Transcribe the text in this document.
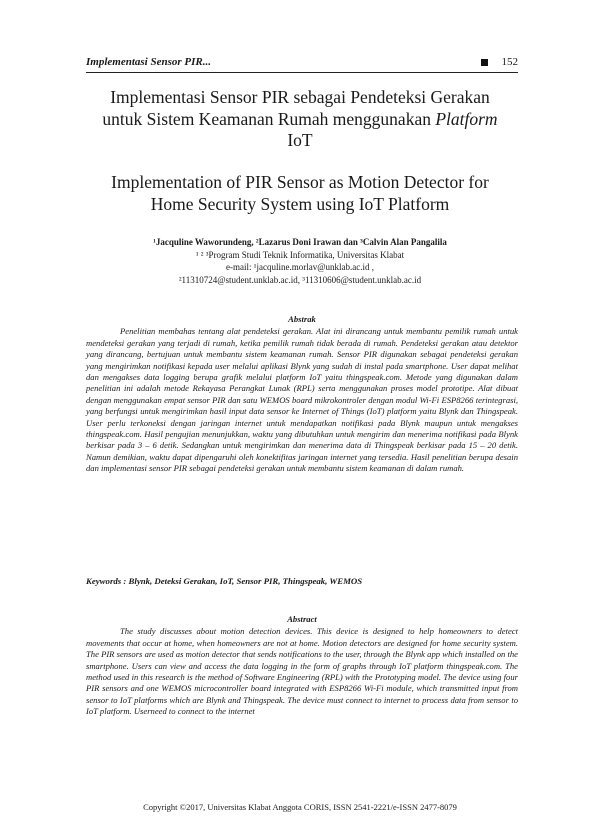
Implementasi Sensor PIR...	152
Implementasi Sensor PIR sebagai Pendeteksi Gerakan
untuk Sistem Keamanan Rumah menggunakan Platform
IoT
Implementation of PIR Sensor as Motion Detector for
Home Security System using IoT Platform
¹Jacquline Waworundeng, ²Lazarus Doni Irawan dan ³Calvin Alan Pangalila
¹ ² ³Program Studi Teknik Informatika, Universitas Klabat
e-mail: ¹jacquline.morlav@unklab.ac.id ,
²11310724@student.unklab.ac.id, ³11310606@student.unklab.ac.id
Abstrak

Penelitian membahas tentang alat pendeteksi gerakan. Alat ini dirancang untuk membantu pemilik rumah untuk mendeteksi gerakan yang terjadi di rumah, ketika pemilik rumah tidak berada di rumah. Pendeteksi gerakan atau detektor yang dirancang, bertujuan untuk membantu sistem keamanan rumah. Sensor PIR digunakan sebagai pendeteksi gerakan yang mengirimkan notifikasi kepada user melalui aplikasi Blynk yang sudah di instal pada smartphone. User dapat melihat dan mengakses data logging berupa grafik melalui platform IoT yaitu thingspeak.com. Metode yang digunakan dalam penelitian ini adalah metode Rekayasa Perangkat Lunak (RPL) serta menggunakan proses model prototipe. Alat dibuat dengan menggunakan empat sensor PIR dan satu WEMOS board mikrokontroler dengan modul Wi-Fi ESP8266 terintegrasi, yang berfungsi untuk mengirimkan hasil input data sensor ke Internet of Things (IoT) platform yaitu Blynk dan Thingspeak. User perlu terkoneksi dengan jaringan internet untuk mendapatkan notifikasi pada Blynk maupun untuk mengakses thingspeak.com. Hasil pengujian menunjukkan, waktu yang dibutuhkan untuk mengirim dan menerima notifikasi pada Blynk berkisar pada 3 – 6 detik. Sedangkan untuk mengirimkan dan menerima data di Thingspeak berkisar pada 15 – 20 detik. Namun demikian, waktu dapat dipengaruhi oleh konektifitas jaringan internet yang tersedia. Hasil penelitian berupa desain dan implementasi sensor PIR sebagai pendeteksi gerakan untuk membantu sistem keamanan di dalam rumah.

Keywords : Blynk, Deteksi Gerakan, IoT, Sensor PIR, Thingspeak, WEMOS
Abstract

The study discusses about motion detection devices. This device is designed to help homeowners to detect movements that occur at home, when homeowners are not at home. Motion detectors are designed for home security system. The PIR sensors are used as motion detector that sends notifications to the user, through the Blynk app which installed on the smartphone. Users can view and access the data logging in the form of graphs through IoT platform thingspeak.com. The method used in this research is the method of Software Engineering (RPL) with the Prototyping model. The device using four PIR sensors and one WEMOS microcontroller board integrated with ESP8266 Wi-Fi module, which transmitted input from sensor to IoT platforms which are Blynk and Thingspeak. The device must connect to internet to process data from sensor to IoT platform. Userneed to connect to the internet

Copyright ©2017, Universitas Klabat Anggota CORIS, ISSN 2541-2221/e-ISSN 2477-8079
